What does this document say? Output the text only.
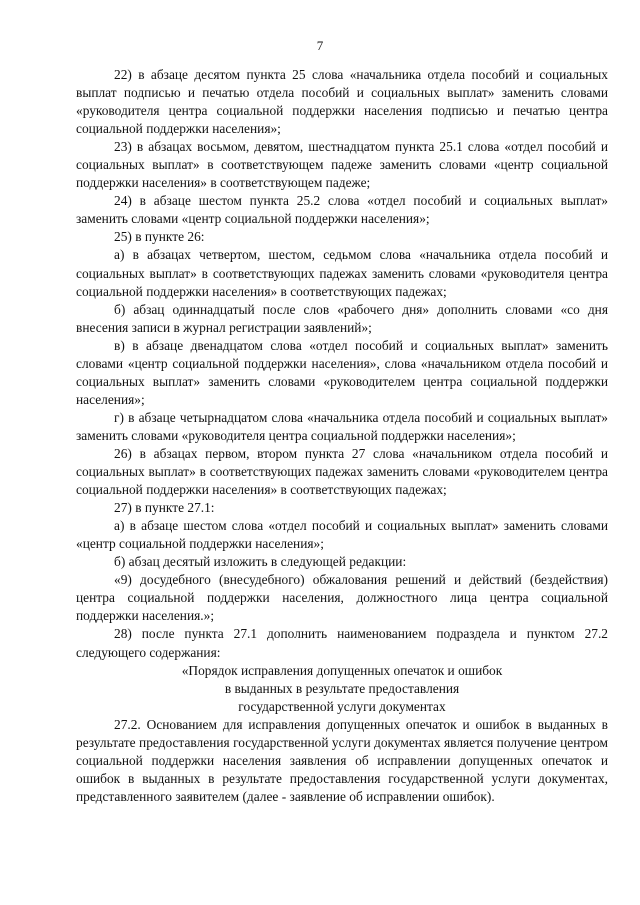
7

22) в абзаце десятом пункта 25 слова «начальника отдела пособий и социальных выплат подписью и печатью отдела пособий и социальных выплат» заменить словами «руководителя центра социальной поддержки населения подписью и печатью центра социальной поддержки населения»;

23) в абзацах восьмом, девятом, шестнадцатом пункта 25.1 слова «отдел пособий и социальных выплат» в соответствующем падеже заменить словами «центр социальной поддержки населения» в соответствующем падеже;

24) в абзаце шестом пункта 25.2 слова «отдел пособий и социальных выплат» заменить словами «центр социальной поддержки населения»;

25) в пункте 26:

а) в абзацах четвертом, шестом, седьмом слова «начальника отдела пособий и социальных выплат» в соответствующих падежах заменить словами «руководителя центра социальной поддержки населения» в соответствующих падежах;

б) абзац одиннадцатый после слов «рабочего дня» дополнить словами «со дня внесения записи в журнал регистрации заявлений»;

в) в абзаце двенадцатом слова «отдел пособий и социальных выплат» заменить словами «центр социальной поддержки населения», слова «начальником отдела пособий и социальных выплат» заменить словами «руководителем центра социальной поддержки населения»;

г) в абзаце четырнадцатом слова «начальника отдела пособий и социальных выплат» заменить словами «руководителя центра социальной поддержки населения»;

26) в абзацах первом, втором пункта 27 слова «начальником отдела пособий и социальных выплат» в соответствующих падежах заменить словами «руководителем центра социальной поддержки населения» в соответствующих падежах;

27) в пункте 27.1:

а) в абзаце шестом слова «отдел пособий и социальных выплат» заменить словами «центр социальной поддержки населения»;

б) абзац десятый изложить в следующей редакции:

«9) досудебного (внесудебного) обжалования решений и действий (бездействия) центра социальной поддержки населения, должностного лица центра социальной поддержки населения.»;

28) после пункта 27.1 дополнить наименованием подраздела и пунктом 27.2 следующего содержания:

«Порядок исправления допущенных опечаток и ошибок

в выданных в результате предоставления

государственной услуги документах

27.2. Основанием для исправления допущенных опечаток и ошибок в выданных в результате предоставления государственной услуги документах является получение центром социальной поддержки населения заявления об исправлении допущенных опечаток и ошибок в выданных в результате предоставления государственной услуги документах, представленного заявителем (далее - заявление об исправлении ошибок).
